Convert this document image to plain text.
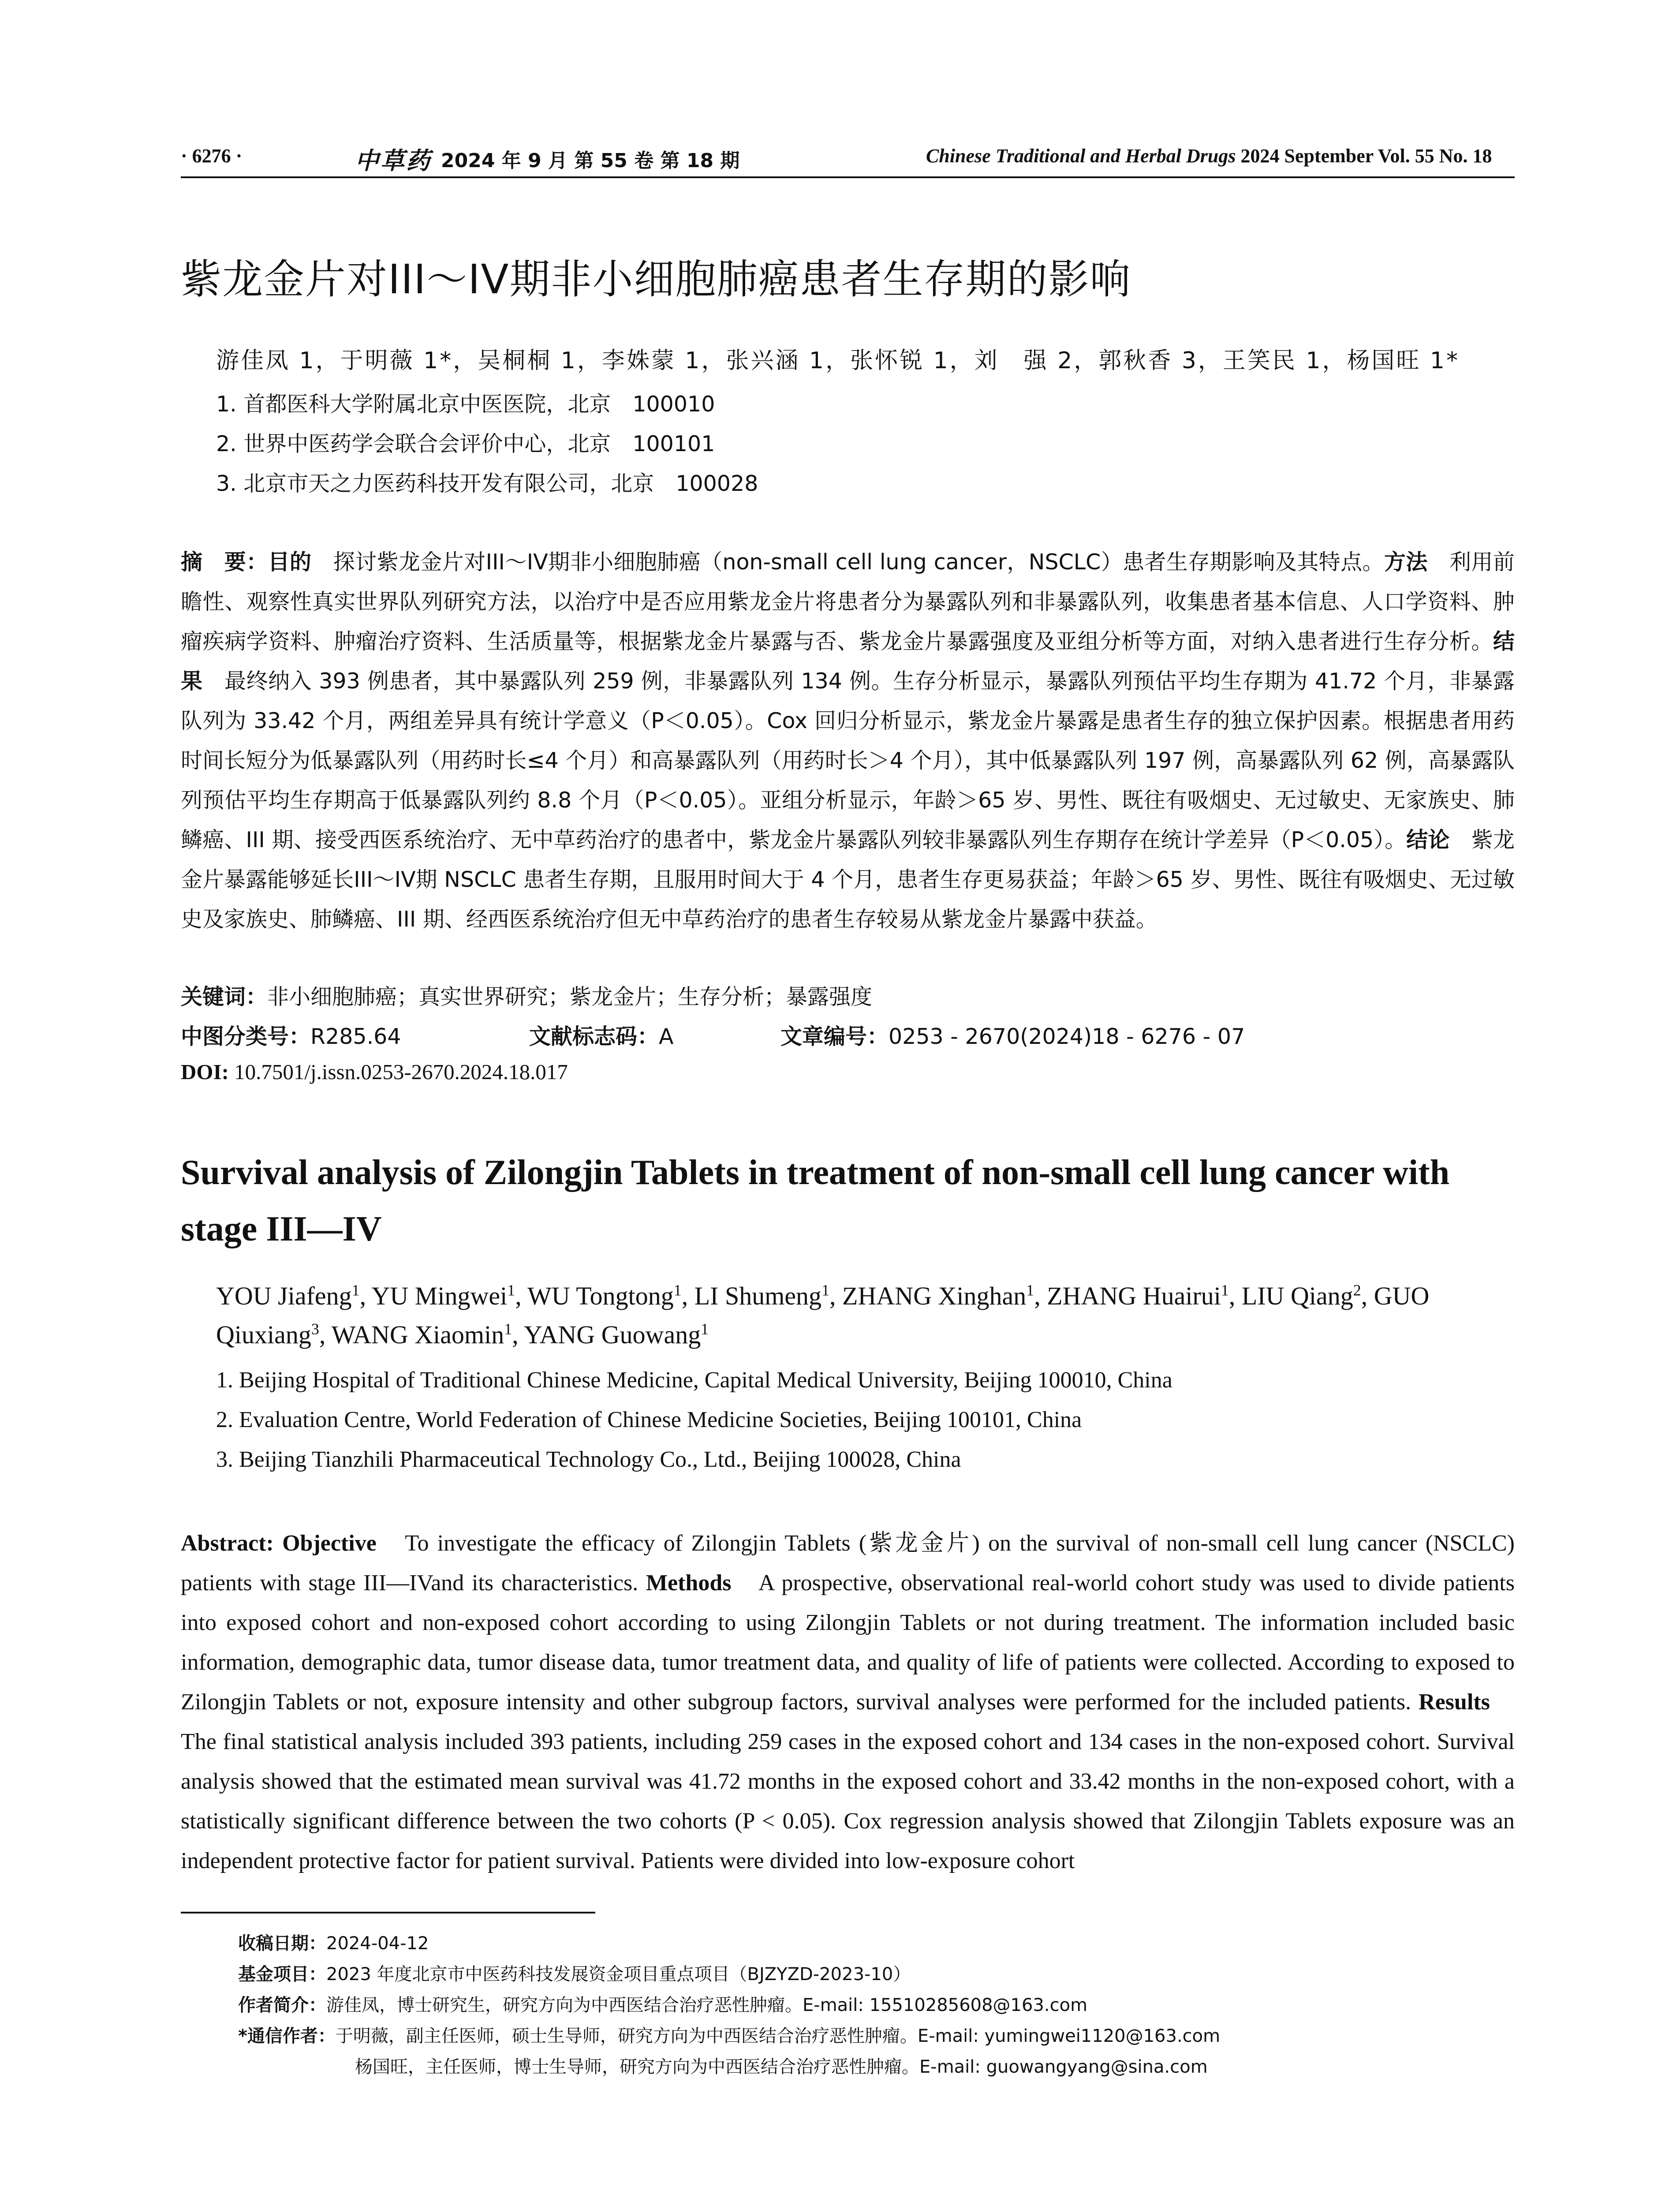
· 6276 ·	中草药 2024 年 9 月 第 55 卷 第 18 期	Chinese Traditional and Herbal Drugs 2024 September Vol. 55 No. 18
紫龙金片对III～IV期非小细胞肺癌患者生存期的影响
游佳凤 1，于明薇 1*，吴桐桐 1，李姝蒙 1，张兴涵 1，张怀锐 1，刘　强 2，郭秋香 3，王笑民 1，杨国旺 1*
1. 首都医科大学附属北京中医医院，北京　100010
2. 世界中医药学会联合会评价中心，北京　100101
3. 北京市天之力医药科技开发有限公司，北京　100028
摘　要：目的　探讨紫龙金片对III～IV期非小细胞肺癌（non-small cell lung cancer，NSCLC）患者生存期影响及其特点。方法　利用前瞻性、观察性真实世界队列研究方法，以治疗中是否应用紫龙金片将患者分为暴露队列和非暴露队列，收集患者基本信息、人口学资料、肿瘤疾病学资料、肿瘤治疗资料、生活质量等，根据紫龙金片暴露与否、紫龙金片暴露强度及亚组分析等方面，对纳入患者进行生存分析。结果　最终纳入 393 例患者，其中暴露队列 259 例，非暴露队列 134 例。生存分析显示，暴露队列预估平均生存期为 41.72 个月，非暴露队列为 33.42 个月，两组差异具有统计学意义（P＜0.05）。Cox 回归分析显示，紫龙金片暴露是患者生存的独立保护因素。根据患者用药时间长短分为低暴露队列（用药时长≤4 个月）和高暴露队列（用药时长＞4 个月），其中低暴露队列 197 例，高暴露队列 62 例，高暴露队列预估平均生存期高于低暴露队列约 8.8 个月（P＜0.05）。亚组分析显示，年龄＞65 岁、男性、既往有吸烟史、无过敏史、无家族史、肺鳞癌、III 期、接受西医系统治疗、无中草药治疗的患者中，紫龙金片暴露队列较非暴露队列生存期存在统计学差异（P＜0.05）。结论　紫龙金片暴露能够延长III～IV期 NSCLC 患者生存期，且服用时间大于 4 个月，患者生存更易获益；年龄＞65 岁、男性、既往有吸烟史、无过敏史及家族史、肺鳞癌、III 期、经西医系统治疗但无中草药治疗的患者生存较易从紫龙金片暴露中获益。
关键词：非小细胞肺癌；真实世界研究；紫龙金片；生存分析；暴露强度
中图分类号：R285.64	文献标志码：A	文章编号：0253 - 2670(2024)18 - 6276 - 07
DOI: 10.7501/j.issn.0253-2670.2024.18.017
Survival analysis of Zilongjin Tablets in treatment of non-small cell lung cancer with stage III—IV
YOU Jiafeng$^1$, YU Mingwei$^1$, WU Tongtong$^1$, LI Shumeng$^1$, ZHANG Xinghan$^1$, ZHANG Huairui$^1$, LIU Qiang$^2$, GUO Qiuxiang$^3$, WANG Xiaomin$^1$, YANG Guowang$^1$
1. Beijing Hospital of Traditional Chinese Medicine, Capital Medical University, Beijing 100010, China
2. Evaluation Centre, World Federation of Chinese Medicine Societies, Beijing 100101, China
3. Beijing Tianzhili Pharmaceutical Technology Co., Ltd., Beijing 100028, China
Abstract: Objective　To investigate the efficacy of Zilongjin Tablets (紫龙金片) on the survival of non-small cell lung cancer (NSCLC) patients with stage III—IVand its characteristics. Methods　A prospective, observational real-world cohort study was used to divide patients into exposed cohort and non-exposed cohort according to using Zilongjin Tablets or not during treatment. The information included basic information, demographic data, tumor disease data, tumor treatment data, and quality of life of patients were collected. According to exposed to Zilongjin Tablets or not, exposure intensity and other subgroup factors, survival analyses were performed for the included patients. Results　The final statistical analysis included 393 patients, including 259 cases in the exposed cohort and 134 cases in the non-exposed cohort. Survival analysis showed that the estimated mean survival was 41.72 months in the exposed cohort and 33.42 months in the non-exposed cohort, with a statistically significant difference between the two cohorts (P < 0.05). Cox regression analysis showed that Zilongjin Tablets exposure was an independent protective factor for patient survival. Patients were divided into low-exposure cohort
收稿日期：2024-04-12
基金项目：2023 年度北京市中医药科技发展资金项目重点项目（BJZYZD-2023-10）
作者简介：游佳凤，博士研究生，研究方向为中西医结合治疗恶性肿瘤。E-mail: 15510285608@163.com
*通信作者：于明薇，副主任医师，硕士生导师，研究方向为中西医结合治疗恶性肿瘤。E-mail: yumingwei1120@163.com
杨国旺，主任医师，博士生导师，研究方向为中西医结合治疗恶性肿瘤。E-mail: guowangyang@sina.com
